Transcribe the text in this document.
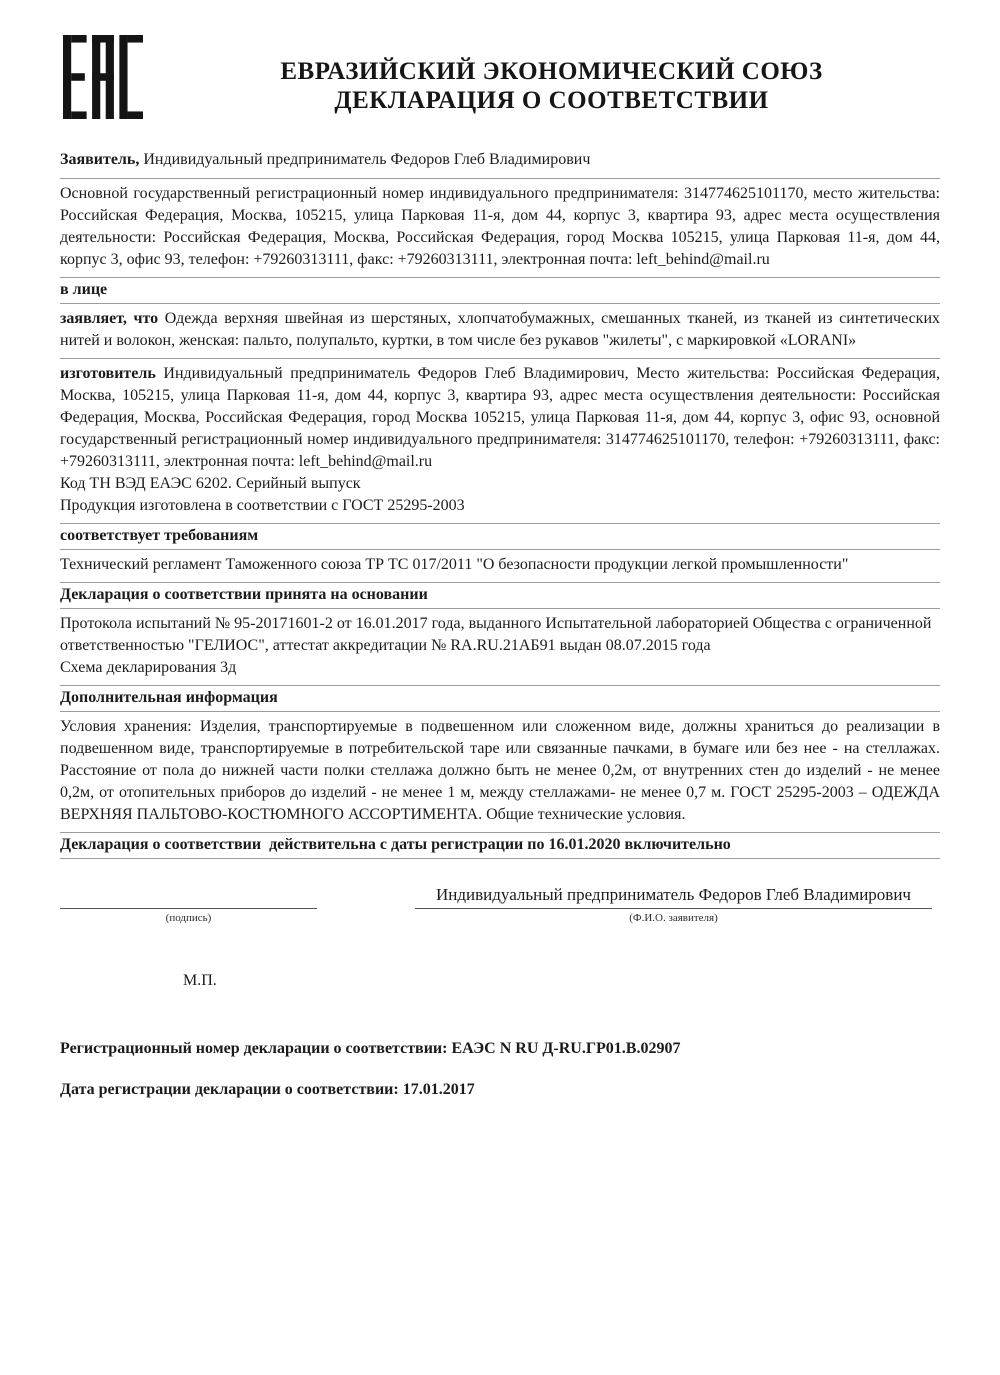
ЕВРАЗИЙСКИЙ ЭКОНОМИЧЕСКИЙ СОЮЗ
ДЕКЛАРАЦИЯ О СООТВЕТСТВИИ
Заявитель, Индивидуальный предприниматель Федоров Глеб Владимирович
Основной государственный регистрационный номер индивидуального предпринимателя: 314774625101170, место жительства: Российская Федерация, Москва, 105215, улица Парковая 11-я, дом 44, корпус 3, квартира 93, адрес места осуществления деятельности: Российская Федерация, Москва, Российская Федерация, город Москва 105215, улица Парковая 11-я, дом 44, корпус 3, офис 93, телефон: +79260313111, факс: +79260313111, электронная почта: left_behind@mail.ru
в лице
заявляет, что Одежда верхняя швейная из шерстяных, хлопчатобумажных, смешанных тканей, из тканей из синтетических нитей и волокон, женская: пальто, полупальто, куртки, в том числе без рукавов "жилеты", с маркировкой «LORANI»

изготовитель Индивидуальный предприниматель Федоров Глеб Владимирович, Место жительства: Российская Федерация, Москва, 105215, улица Парковая 11-я, дом 44, корпус 3, квартира 93, адрес места осуществления деятельности: Российская Федерация, Москва, Российская Федерация, город Москва 105215, улица Парковая 11-я, дом 44, корпус 3, офис 93, основной государственный регистрационный номер индивидуального предпринимателя: 314774625101170, телефон: +79260313111, факс: +79260313111, электронная почта: left_behind@mail.ru

Код ТН ВЭД ЕАЭС 6202. Серийный выпуск

Продукция изготовлена в соответствии с ГОСТ 25295-2003

соответствует требованиям
Технический регламент Таможенного союза ТР ТС 017/2011 "О безопасности продукции легкой промышленности"
Декларация о соответствии принята на основании

Протокола испытаний № 95-20171601-2 от 16.01.2017 года, выданного Испытательной лабораторией Общества с ограниченной ответственностью "ГЕЛИОС", аттестат аккредитации № RA.RU.21АБ91 выдан 08.07.2015 года

Схема декларирования 3д

Дополнительная информация
Условия хранения: Изделия, транспортируемые в подвешенном или сложенном виде, должны храниться до реализации в подвешенном виде, транспортируемые в потребительской таре или связанные пачками, в бумаге или без нее - на стеллажах. Расстояние от пола до нижней части полки стеллажа должно быть не менее 0,2м, от внутренних стен до изделий - не менее 0,2м, от отопительных приборов до изделий - не менее 1 м, между стеллажами- не менее 0,7 м. ГОСТ 25295-2003 – ОДЕЖДА ВЕРХНЯЯ ПАЛЬТОВО-КОСТЮМНОГО АССОРТИМЕНТА. Общие технические условия.
Декларация о соответствии  действительна с даты регистрации по 16.01.2020 включительно
(подпись)
Индивидуальный предприниматель Федоров Глеб Владимирович
(Ф.И.О. заявителя)
М.П.
Регистрационный номер декларации о соответствии: ЕАЭС N RU Д-RU.ГР01.В.02907
Дата регистрации декларации о соответствии: 17.01.2017
